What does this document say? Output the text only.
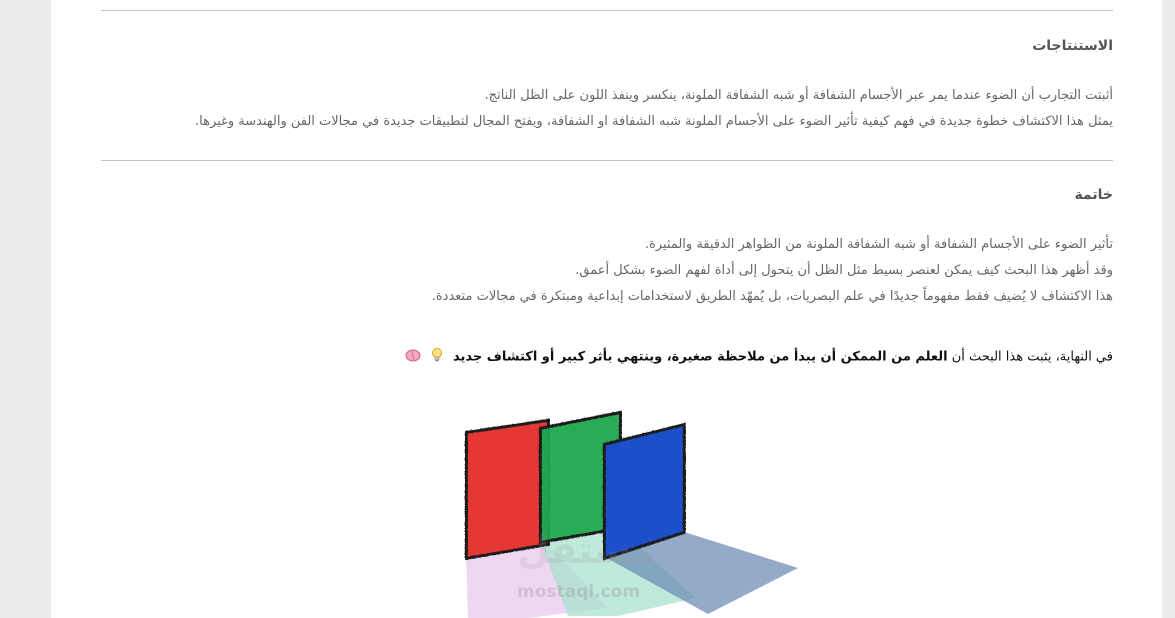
الاستنتاجات
أثبتت التجارب أن الضوء عندما يمر عبر الأجسام الشفافة أو شبه الشفافة الملونة، ينكسر وينفذ اللون على الظل الناتج.
يمثل هذا الاكتشاف خطوة جديدة في فهم كيفية تأثير الضوء على الأجسام الملونة شبه الشفافة او الشفافة، ويفتح المجال لتطبيقات جديدة في مجالات الفن والهندسة وغيرها.
خاتمة
تأثير الضوء على الأجسام الشفافة أو شبه الشفافة الملونة من الظواهر الدقيقة والمثيرة.
وقد أظهر هذا البحث كيف يمكن لعنصر بسيط مثل الظل أن يتحول إلى أداة لفهم الضوء بشكل أعمق.
هذا الاكتشاف لا يُضيف فقط مفهوماً جديدًا في علم البصريات، بل يُمهّد الطريق لاستخدامات إبداعية ومبتكرة في مجالات متعددة.

في النهاية، يثبت هذا البحث أن العلم من الممكن أن يبدأ من ملاحظة صغيرة، وينتهي بأثر كبير أو اكتشاف جديد

مستقل
mostaql.com
